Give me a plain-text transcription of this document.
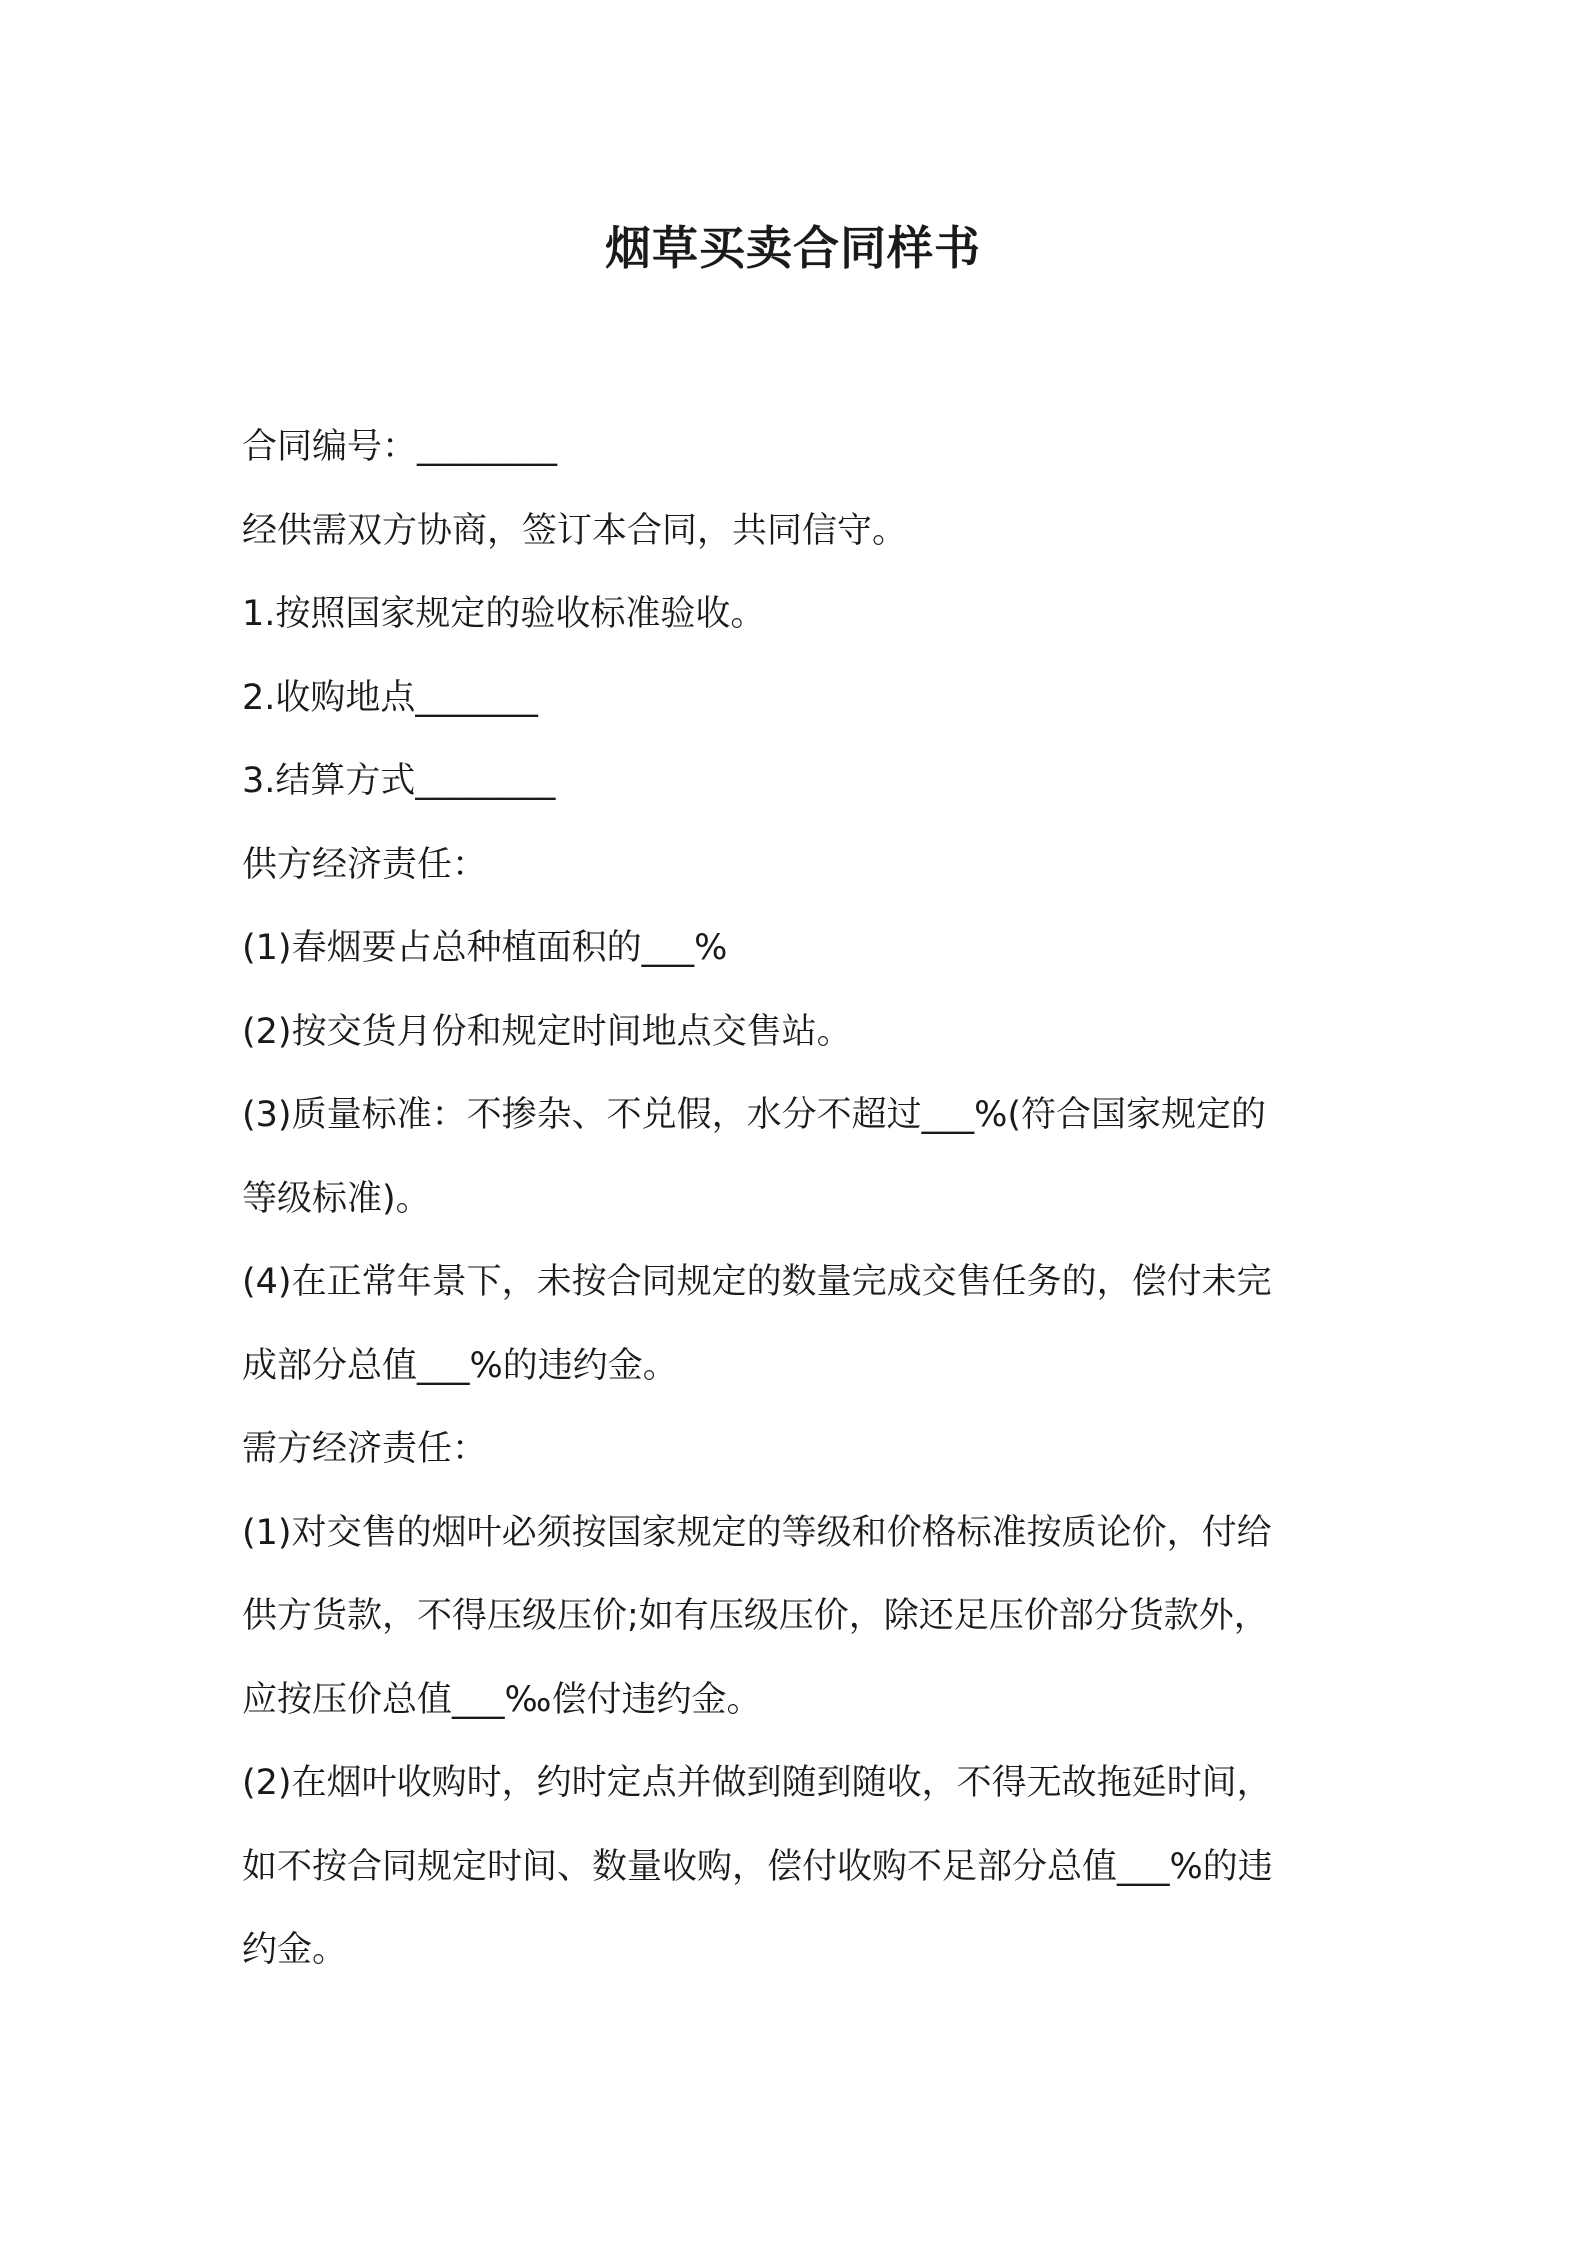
烟草买卖合同样书

合同编号：________

经供需双方协商，签订本合同，共同信守。

1.按照国家规定的验收标准验收。

2.收购地点_______

3.结算方式________

供方经济责任：

(1)春烟要占总种植面积的___%

(2)按交货月份和规定时间地点交售站。

(3)质量标准：不掺杂、不兑假，水分不超过___%(符合国家规定的

等级标准)。

(4)在正常年景下，未按合同规定的数量完成交售任务的，偿付未完

成部分总值___%的违约金。

需方经济责任：

(1)对交售的烟叶必须按国家规定的等级和价格标准按质论价，付给

供方货款，不得压级压价;如有压级压价，除还足压价部分货款外，

应按压价总值___‰偿付违约金。

(2)在烟叶收购时，约时定点并做到随到随收，不得无故拖延时间，

如不按合同规定时间、数量收购，偿付收购不足部分总值___%的违

约金。
